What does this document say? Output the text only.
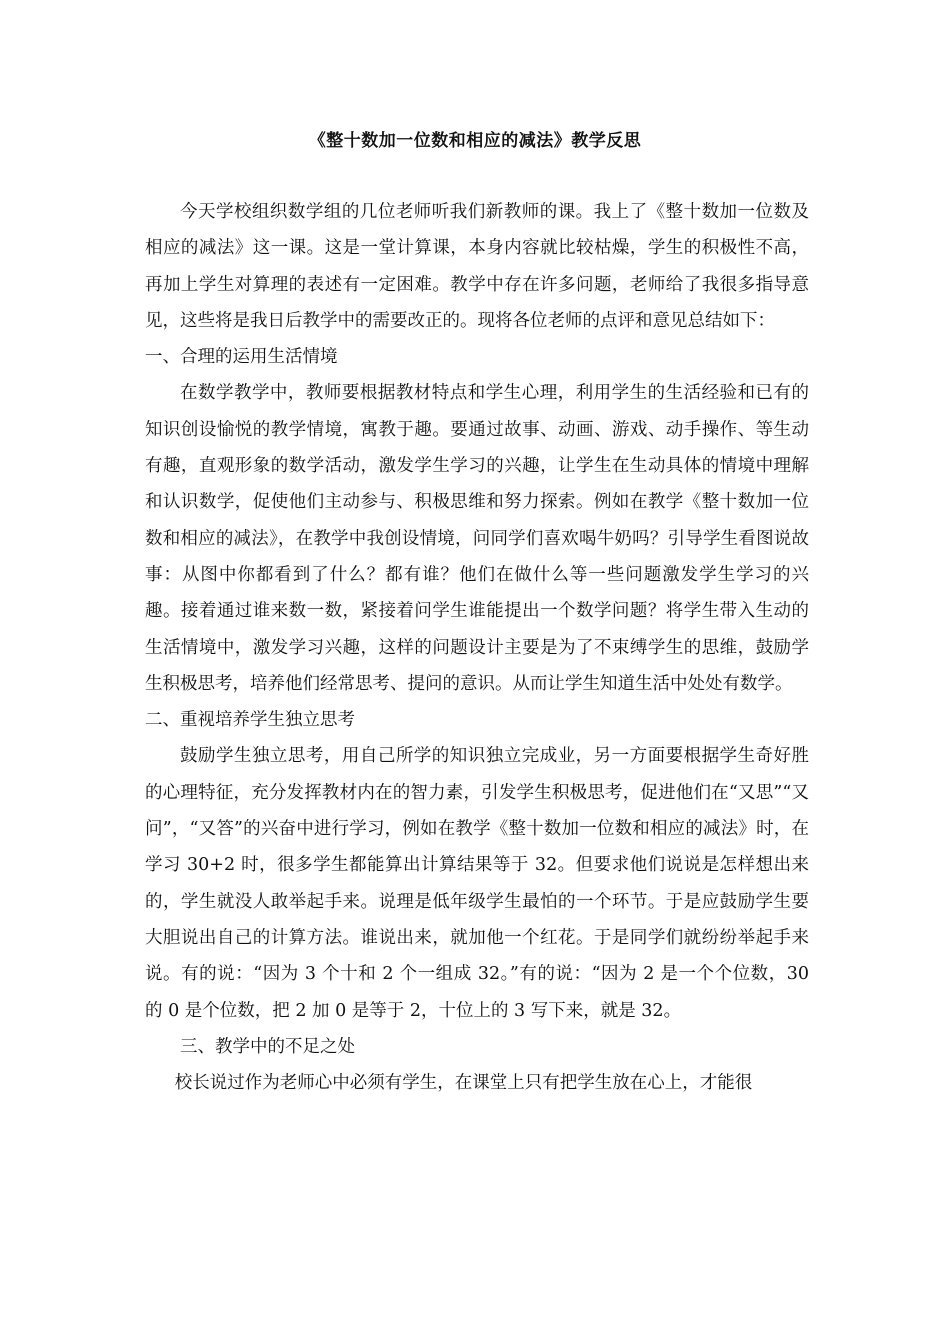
《整十数加一位数和相应的减法》教学反思

今天学校组织数学组的几位老师听我们新教师的课。我上了《整十数加一位数及相应的减法》这一课。这是一堂计算课，本身内容就比较枯燥，学生的积极性不高，再加上学生对算理的表述有一定困难。教学中存在许多问题，老师给了我很多指导意见，这些将是我日后教学中的需要改正的。现将各位老师的点评和意见总结如下：

一、合理的运用生活情境

在数学教学中，教师要根据教材特点和学生心理，利用学生的生活经验和已有的知识创设愉悦的教学情境，寓教于趣。要通过故事、动画、游戏、动手操作、等生动有趣，直观形象的数学活动，激发学生学习的兴趣，让学生在生动具体的情境中理解和认识数学，促使他们主动参与、积极思维和努力探索。例如在教学《整十数加一位数和相应的减法》，在教学中我创设情境，问同学们喜欢喝牛奶吗？引导学生看图说故事：从图中你都看到了什么？都有谁？他们在做什么等一些问题激发学生学习的兴趣。接着通过谁来数一数，紧接着问学生谁能提出一个数学问题？将学生带入生动的生活情境中，激发学习兴趣，这样的问题设计主要是为了不束缚学生的思维，鼓励学生积极思考，培养他们经常思考、提问的意识。从而让学生知道生活中处处有数学。

二、重视培养学生独立思考

鼓励学生独立思考，用自己所学的知识独立完成业，另一方面要根据学生奇好胜的心理特征，充分发挥教材内在的智力素，引发学生积极思考，促进他们在“又思”“又问”，“又答”的兴奋中进行学习，例如在教学《整十数加一位数和相应的减法》时，在学习 30+2 时，很多学生都能算出计算结果等于 32。但要求他们说说是怎样想出来的，学生就没人敢举起手来。说理是低年级学生最怕的一个环节。于是应鼓励学生要大胆说出自己的计算方法。谁说出来，就加他一个红花。于是同学们就纷纷举起手来说。有的说：“因为 3 个十和 2 个一组成 32。”有的说：“因为 2 是一个个位数，30 的 0 是个位数，把 2 加 0 是等于 2，十位上的 3 写下来，就是 32。

三、教学中的不足之处

校长说过作为老师心中必须有学生，在课堂上只有把学生放在心上，才能很
